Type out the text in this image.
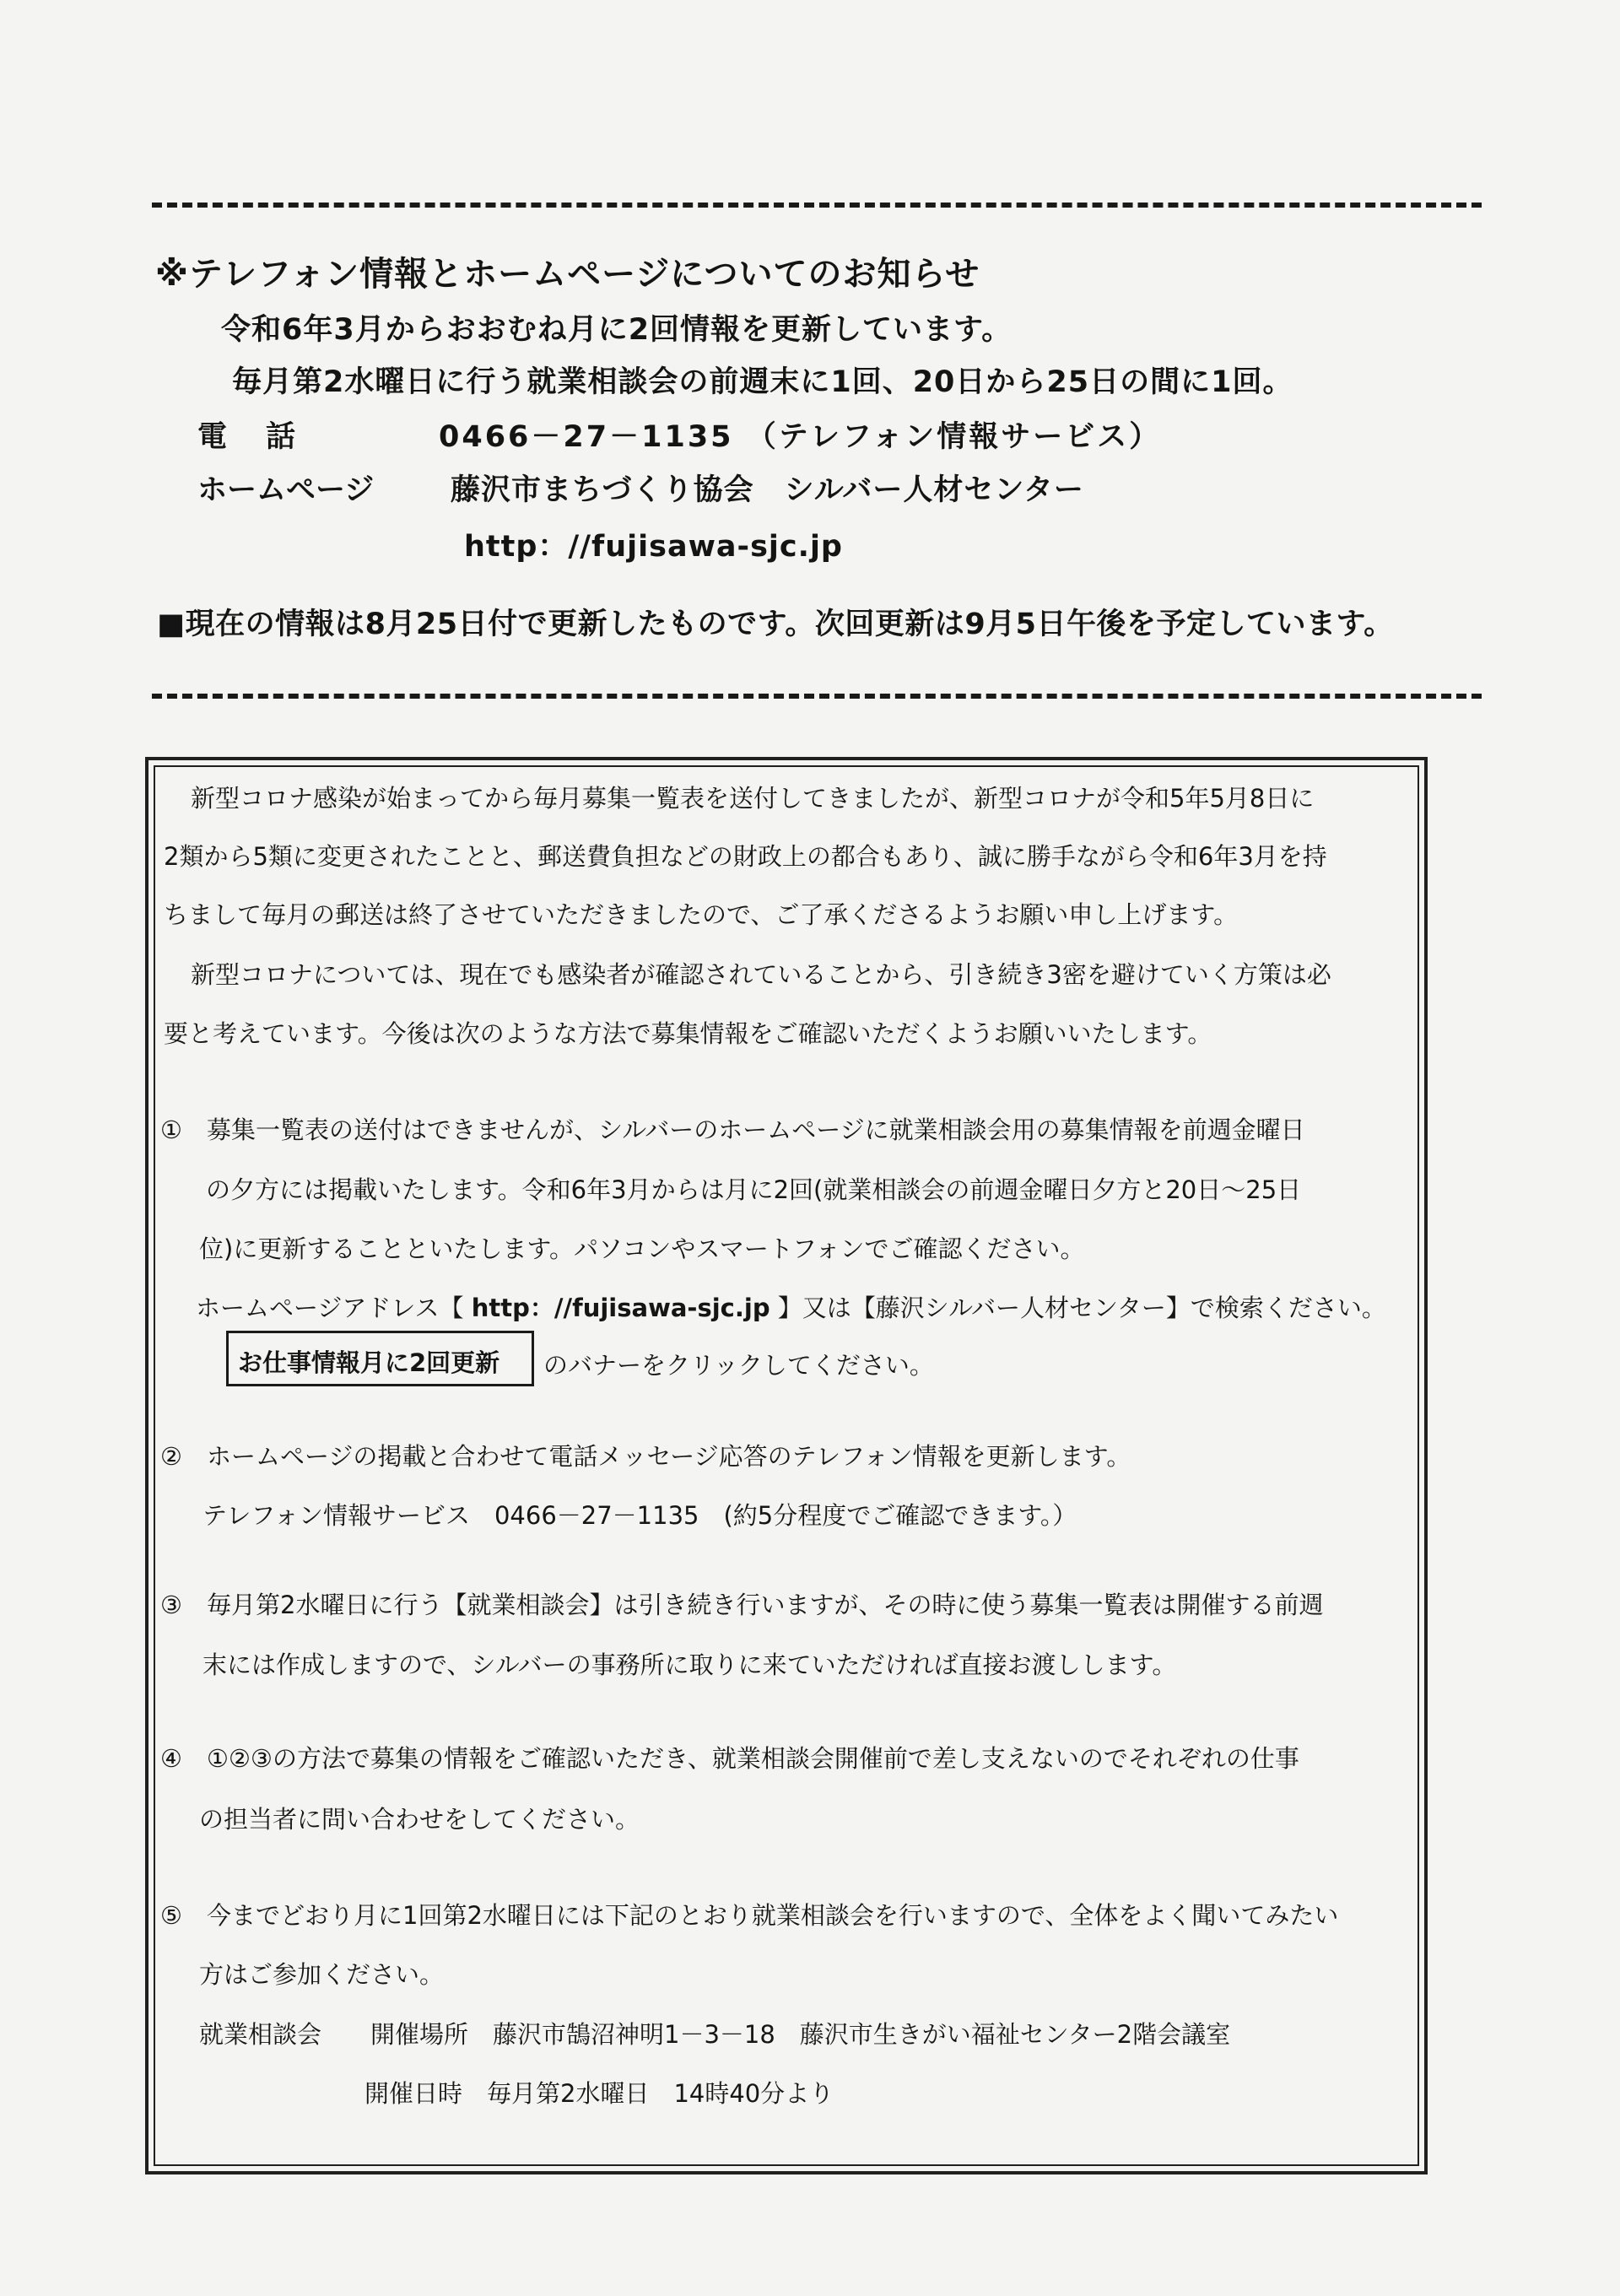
※テレフォン情報とホームページについてのお知らせ
令和6年3月からおおむね月に2回情報を更新しています。
毎月第2水曜日に行う就業相談会の前週末に1回、20日から25日の間に1回。
電話	0466－27－1135 （テレフォン情報サービス）
ホームページ	藤沢市まちづくり協会　シルバー人材センター
http：//fujisawa-sjc.jp
■現在の情報は8月25日付で更新したものです。次回更新は9月5日午後を予定しています。
新型コロナ感染が始まってから毎月募集一覧表を送付してきましたが、新型コロナが令和5年5月8日に
2類から5類に変更されたことと、郵送費負担などの財政上の都合もあり、誠に勝手ながら令和6年3月を持
ちまして毎月の郵送は終了させていただきましたので、ご了承くださるようお願い申し上げます。
新型コロナについては、現在でも感染者が確認されていることから、引き続き3密を避けていく方策は必
要と考えています。今後は次のような方法で募集情報をご確認いただくようお願いいたします。
①　募集一覧表の送付はできませんが、シルバーのホームページに就業相談会用の募集情報を前週金曜日
の夕方には掲載いたします。令和6年3月からは月に2回(就業相談会の前週金曜日夕方と20日～25日
位)に更新することといたします。パソコンやスマートフォンでご確認ください。
ホームページアドレス【 http：//fujisawa-sjc.jp 】又は【藤沢シルバー人材センター】で検索ください。
お仕事情報月に2回更新 のバナーをクリックしてください。
②　ホームページの掲載と合わせて電話メッセージ応答のテレフォン情報を更新します。
テレフォン情報サービス　0466－27－1135　(約5分程度でご確認できます。）
③　毎月第2水曜日に行う【就業相談会】は引き続き行いますが、その時に使う募集一覧表は開催する前週
末には作成しますので、シルバーの事務所に取りに来ていただければ直接お渡しします。
④　①②③の方法で募集の情報をご確認いただき、就業相談会開催前で差し支えないのでそれぞれの仕事
の担当者に問い合わせをしてください。
⑤　今までどおり月に1回第2水曜日には下記のとおり就業相談会を行いますので、全体をよく聞いてみたい
方はご参加ください。
就業相談会　　開催場所　藤沢市鵠沼神明1－3－18　藤沢市生きがい福祉センター2階会議室
開催日時　毎月第2水曜日　14時40分より
